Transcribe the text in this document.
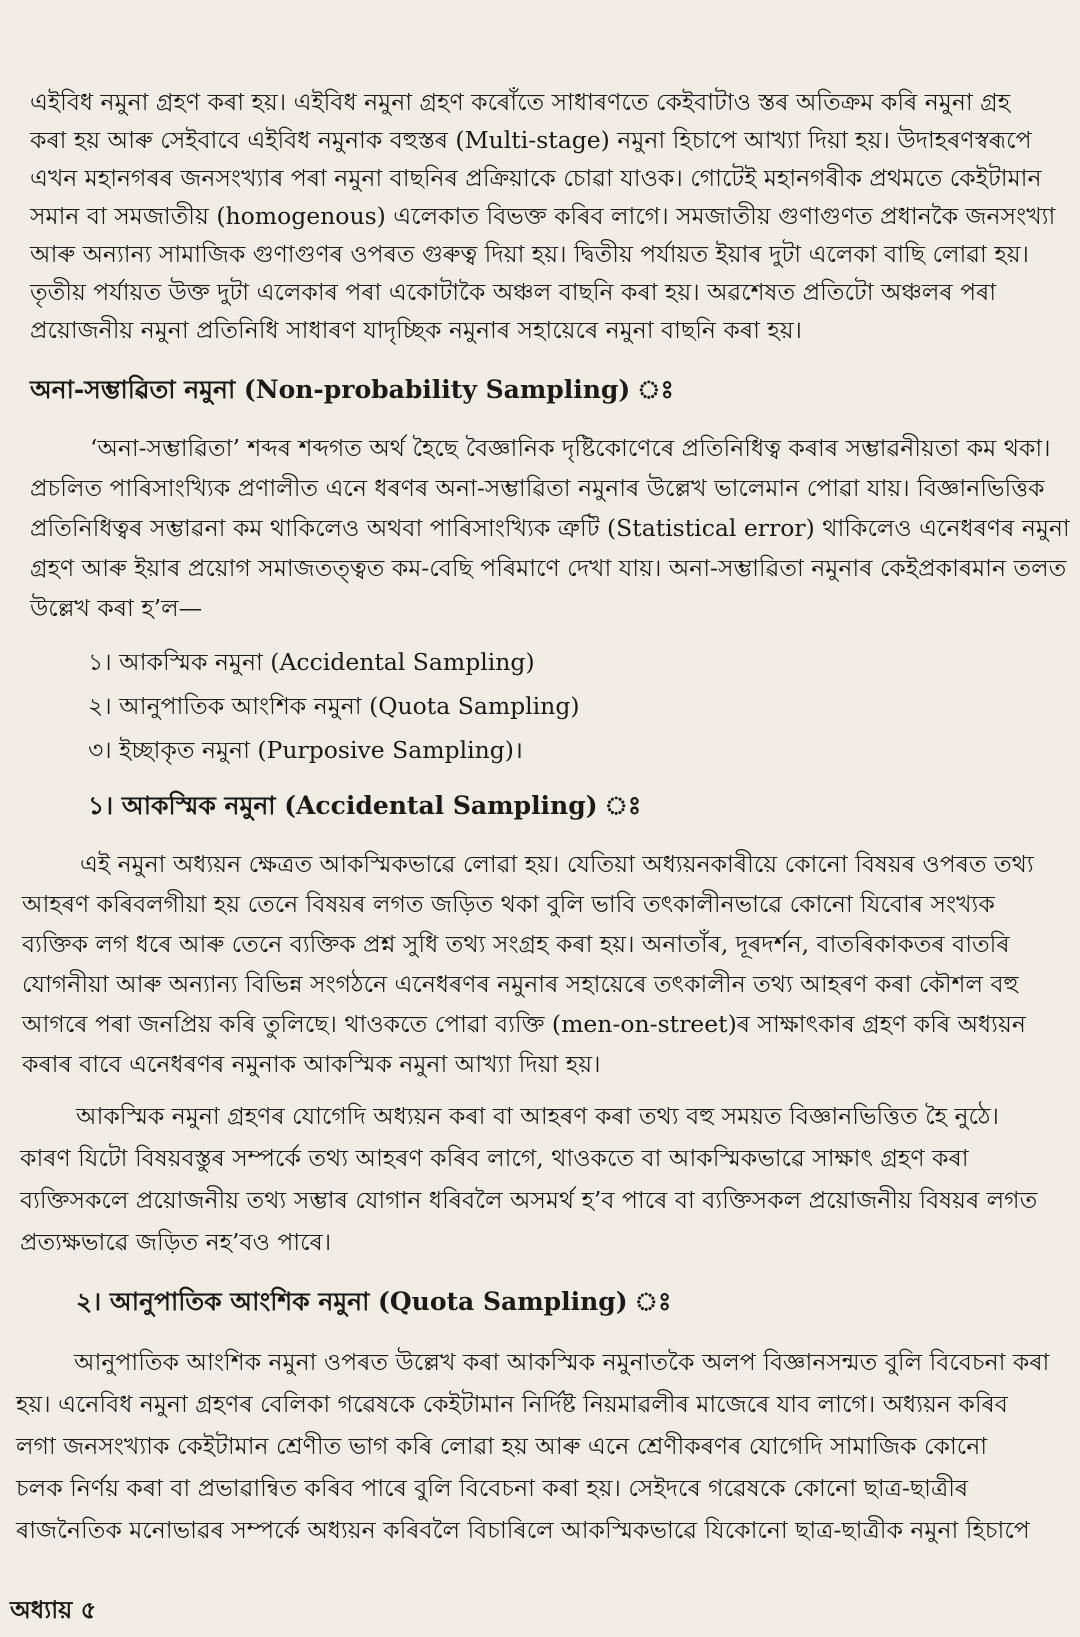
এইবিধ নমুনা গ্ৰহণ কৰা হয়। এইবিধ নমুনা গ্ৰহণ কৰোঁতে সাধাৰণতে কেইবাটাও স্তৰ অতিক্ৰম কৰি নমুনা গ্ৰহ
কৰা হয় আৰু সেইবাবে এইবিধ নমুনাক বহুস্তৰ (Multi-stage) নমুনা হিচাপে আখ্যা দিয়া হয়। উদাহৰণস্বৰূপে
এখন মহানগৰৰ জনসংখ্যাৰ পৰা নমুনা বাছনিৰ প্ৰক্ৰিয়াকে চোৱা যাওক। গোটেই মহানগৰীক প্ৰথমতে কেইটামান
সমান বা সমজাতীয় (homogenous) এলেকাত বিভক্ত কৰিব লাগে। সমজাতীয় গুণাগুণত প্ৰধানকৈ জনসংখ্যা
আৰু অন্যান্য সামাজিক গুণাগুণৰ ওপৰত গুৰুত্ব দিয়া হয়। দ্বিতীয় পৰ্যায়ত ইয়াৰ দুটা এলেকা বাছি লোৱা হয়।
তৃতীয় পৰ্যায়ত উক্ত দুটা এলেকাৰ পৰা একোটাকৈ অঞ্চল বাছনি কৰা হয়। অৱশেষত প্ৰতিটো অঞ্চলৰ পৰা
প্ৰয়োজনীয় নমুনা প্ৰতিনিধি সাধাৰণ যাদৃচ্ছিক নমুনাৰ সহায়েৰে নমুনা বাছনি কৰা হয়।
অনা-সম্ভাৱিতা নমুনা (Non-probability Sampling) ঃ
‘অনা-সম্ভাৱিতা’ শব্দৰ শব্দগত অৰ্থ হৈছে বৈজ্ঞানিক দৃষ্টিকোণেৰে প্ৰতিনিধিত্ব কৰাৰ সম্ভাৱনীয়তা কম থকা।
প্ৰচলিত পাৰিসাংখ্যিক প্ৰণালীত এনে ধৰণৰ অনা-সম্ভাৱিতা নমুনাৰ উল্লেখ ভালেমান পোৱা যায়। বিজ্ঞানভিত্তিক
প্ৰতিনিধিত্বৰ সম্ভাৱনা কম থাকিলেও অথবা পাৰিসাংখ্যিক ত্ৰুটি (Statistical error) থাকিলেও এনেধৰণৰ নমুনা
গ্ৰহণ আৰু ইয়াৰ প্ৰয়োগ সমাজতত্ত্বত কম-বেছি পৰিমাণে দেখা যায়। অনা-সম্ভাৱিতা নমুনাৰ কেইপ্ৰকাৰমান তলত
উল্লেখ কৰা হ’ল—
১। আকস্মিক নমুনা (Accidental Sampling)
২। আনুপাতিক আংশিক নমুনা (Quota Sampling)
৩। ইচ্ছাকৃত নমুনা (Purposive Sampling)।
১। আকস্মিক নমুনা (Accidental Sampling) ঃ
এই নমুনা অধ্যয়ন ক্ষেত্ৰত আকস্মিকভাৱে লোৱা হয়। যেতিয়া অধ্যয়নকাৰীয়ে কোনো বিষয়ৰ ওপৰত তথ্য
আহৰণ কৰিবলগীয়া হয় তেনে বিষয়ৰ লগত জড়িত থকা বুলি ভাবি তৎকালীনভাৱে কোনো যিবোৰ সংখ্যক
ব্যক্তিক লগ ধৰে আৰু তেনে ব্যক্তিক প্ৰশ্ন সুধি তথ্য সংগ্ৰহ কৰা হয়। অনাতাঁৰ, দূৰদৰ্শন, বাতৰিকাকতৰ বাতৰি
যোগনীয়া আৰু অন্যান্য বিভিন্ন সংগঠনে এনেধৰণৰ নমুনাৰ সহায়েৰে তৎকালীন তথ্য আহৰণ কৰা কৌশল বহু
আগৰে পৰা জনপ্ৰিয় কৰি তুলিছে। থাওকতে পোৱা ব্যক্তি (men-on-street)ৰ সাক্ষাৎকাৰ গ্ৰহণ কৰি অধ্যয়ন
কৰাৰ বাবে এনেধৰণৰ নমুনাক আকস্মিক নমুনা আখ্যা দিয়া হয়।
আকস্মিক নমুনা গ্ৰহণৰ যোগেদি অধ্যয়ন কৰা বা আহৰণ কৰা তথ্য বহু সময়ত বিজ্ঞানভিত্তিত হৈ নুঠে।
কাৰণ যিটো বিষয়বস্তুৰ সম্পৰ্কে তথ্য আহৰণ কৰিব লাগে, থাওকতে বা আকস্মিকভাৱে সাক্ষাৎ গ্ৰহণ কৰা
ব্যক্তিসকলে প্ৰয়োজনীয় তথ্য সম্ভাৰ যোগান ধৰিবলৈ অসমৰ্থ হ’ব পাৰে বা ব্যক্তিসকল প্ৰয়োজনীয় বিষয়ৰ লগত
প্ৰত্যক্ষভাৱে জড়িত নহ’বও পাৰে।
২। আনুপাতিক আংশিক নমুনা (Quota Sampling) ঃ
আনুপাতিক আংশিক নমুনা ওপৰত উল্লেখ কৰা আকস্মিক নমুনাতকৈ অলপ বিজ্ঞানসন্মত বুলি বিবেচনা কৰা
হয়। এনেবিধ নমুনা গ্ৰহণৰ বেলিকা গৱেষকে কেইটামান নিৰ্দিষ্ট নিয়মাৱলীৰ মাজেৰে যাব লাগে। অধ্যয়ন কৰিব
লগা জনসংখ্যাক কেইটামান শ্ৰেণীত ভাগ কৰি লোৱা হয় আৰু এনে শ্ৰেণীকৰণৰ যোগেদি সামাজিক কোনো
চলক নিৰ্ণয় কৰা বা প্ৰভাৱান্বিত কৰিব পাৰে বুলি বিবেচনা কৰা হয়। সেইদৰে গৱেষকে কোনো ছাত্ৰ-ছাত্ৰীৰ
ৰাজনৈতিক মনোভাৱৰ সম্পৰ্কে অধ্যয়ন কৰিবলৈ বিচাৰিলে আকস্মিকভাৱে যিকোনো ছাত্ৰ-ছাত্ৰীক নমুনা হিচাপে
অধ্যায় ৫
